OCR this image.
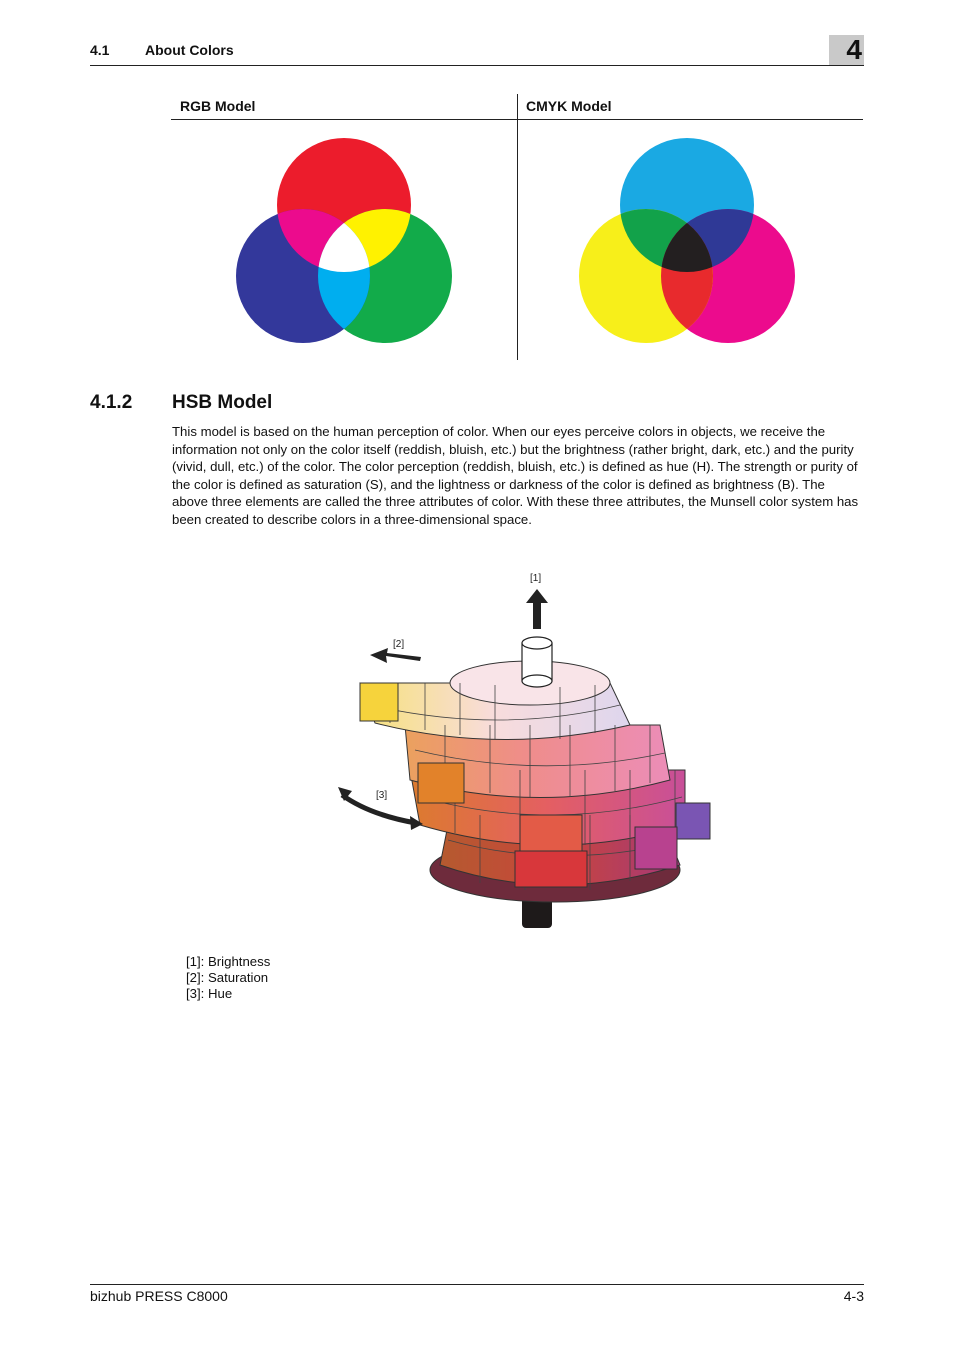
4.1	About Colors	4
RGB Model	CMYK Model
4.1.2 HSB Model
This model is based on the human perception of color. When our eyes perceive colors in objects, we receive the information not only on the color itself (reddish, bluish, etc.) but the brightness (rather bright, dark, etc.) and the purity (vivid, dull, etc.) of the color. The color perception (reddish, bluish, etc.) is defined as hue (H). The strength or purity of the color is defined as saturation (S), and the lightness or darkness of the color is defined as brightness (B). The above three elements are called the three attributes of color. With these three attributes, the Munsell color system has been created to describe colors in a three-dimensional space.
[1]
[2]
[3]
[1]: Brightness
[2]: Saturation
[3]: Hue
bizhub PRESS C8000	4-3
